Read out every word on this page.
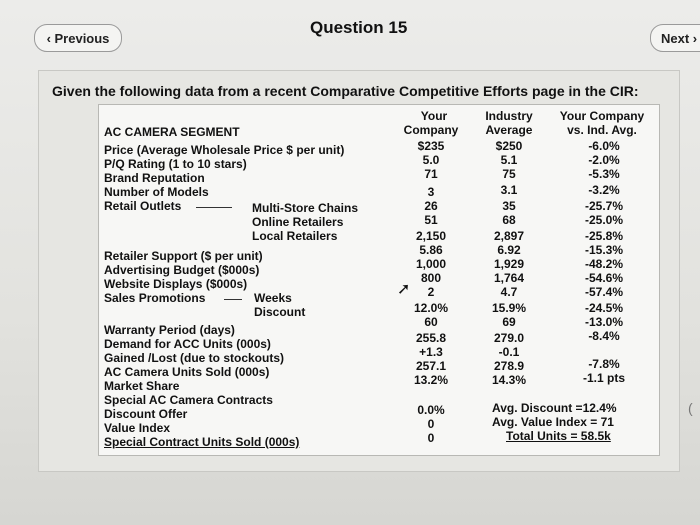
‹ Previous
Question 15
Next ›
Given the following data from a recent Comparative Competitive Efforts page in the CIR:
Your
Company
Industry
Average
Your Company
vs. Ind. Avg.
AC CAMERA SEGMENT
Price (Average Wholesale Price $ per unit)
P/Q Rating (1 to 10 stars)
Brand Reputation
Number of Models
Retail Outlets	Multi-Store Chains
Online Retailers
Local Retailers
Retailer Support ($ per unit)
Advertising Budget ($000s)
Website Displays ($000s)
Sales Promotions	Weeks
Discount
Warranty Period (days)
Demand for ACC Units (000s)
Gained /Lost (due to stockouts)
AC Camera Units Sold (000s)
Market Share
Special AC Camera Contracts
Discount Offer
Value Index
Special Contract Units Sold (000s)
$235
5.0
71
3
26
51
2,150
5.86
1,000
800
2
12.0%
60
255.8
+1.3
257.1
13.2%
0.0%
0
0
$250
5.1
75
3.1
35
68
2,897
6.92
1,929
1,764
4.7
15.9%
69
279.0
-0.1
278.9
14.3%
-6.0%
-2.0%
-5.3%
-3.2%
-25.7%
-25.0%
-25.8%
-15.3%
-48.2%
-54.6%
-57.4%
-24.5%
-13.0%
-8.4%
-7.8%
-1.1 pts
Avg. Discount =12.4%
Avg. Value Index = 71
Total Units = 58.5k
➚
(
